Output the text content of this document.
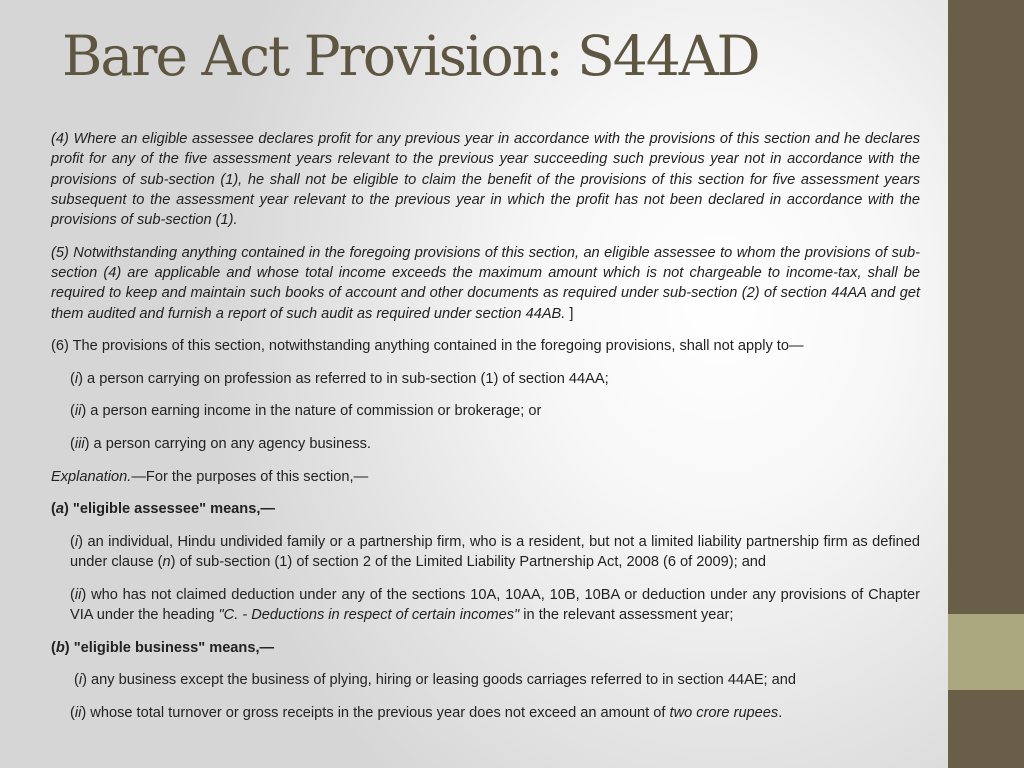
Bare Act Provision: S44AD

(4) Where an eligible assessee declares profit for any previous year in accordance with the provisions of this section and he declares profit for any of the five assessment years relevant to the previous year succeeding such previous year not in accordance with the provisions of sub-section (1), he shall not be eligible to claim the benefit of the provisions of this section for five assessment years subsequent to the assessment year relevant to the previous year in which the profit has not been declared in accordance with the provisions of sub-section (1).

(5) Notwithstanding anything contained in the foregoing provisions of this section, an eligible assessee to whom the provisions of sub-section (4) are applicable and whose total income exceeds the maximum amount which is not chargeable to income-tax, shall be required to keep and maintain such books of account and other documents as required under sub-section (2) of section 44AA and get them audited and furnish a report of such audit as required under section 44AB. ]

(6) The provisions of this section, notwithstanding anything contained in the foregoing provisions, shall not apply to—

(i) a person carrying on profession as referred to in sub-section (1) of section 44AA;

(ii) a person earning income in the nature of commission or brokerage; or

(iii) a person carrying on any agency business.

Explanation.—For the purposes of this section,—

(a) "eligible assessee" means,—

(i) an individual, Hindu undivided family or a partnership firm, who is a resident, but not a limited liability partnership firm as defined under clause (n) of sub-section (1) of section 2 of the Limited Liability Partnership Act, 2008 (6 of 2009); and

(ii) who has not claimed deduction under any of the sections 10A, 10AA, 10B, 10BA or deduction under any provisions of Chapter VIA under the heading "C. - Deductions in respect of certain incomes" in the relevant assessment year;

(b) "eligible business" means,—

(i) any business except the business of plying, hiring or leasing goods carriages referred to in section 44AE; and

(ii) whose total turnover or gross receipts in the previous year does not exceed an amount of two crore rupees.
